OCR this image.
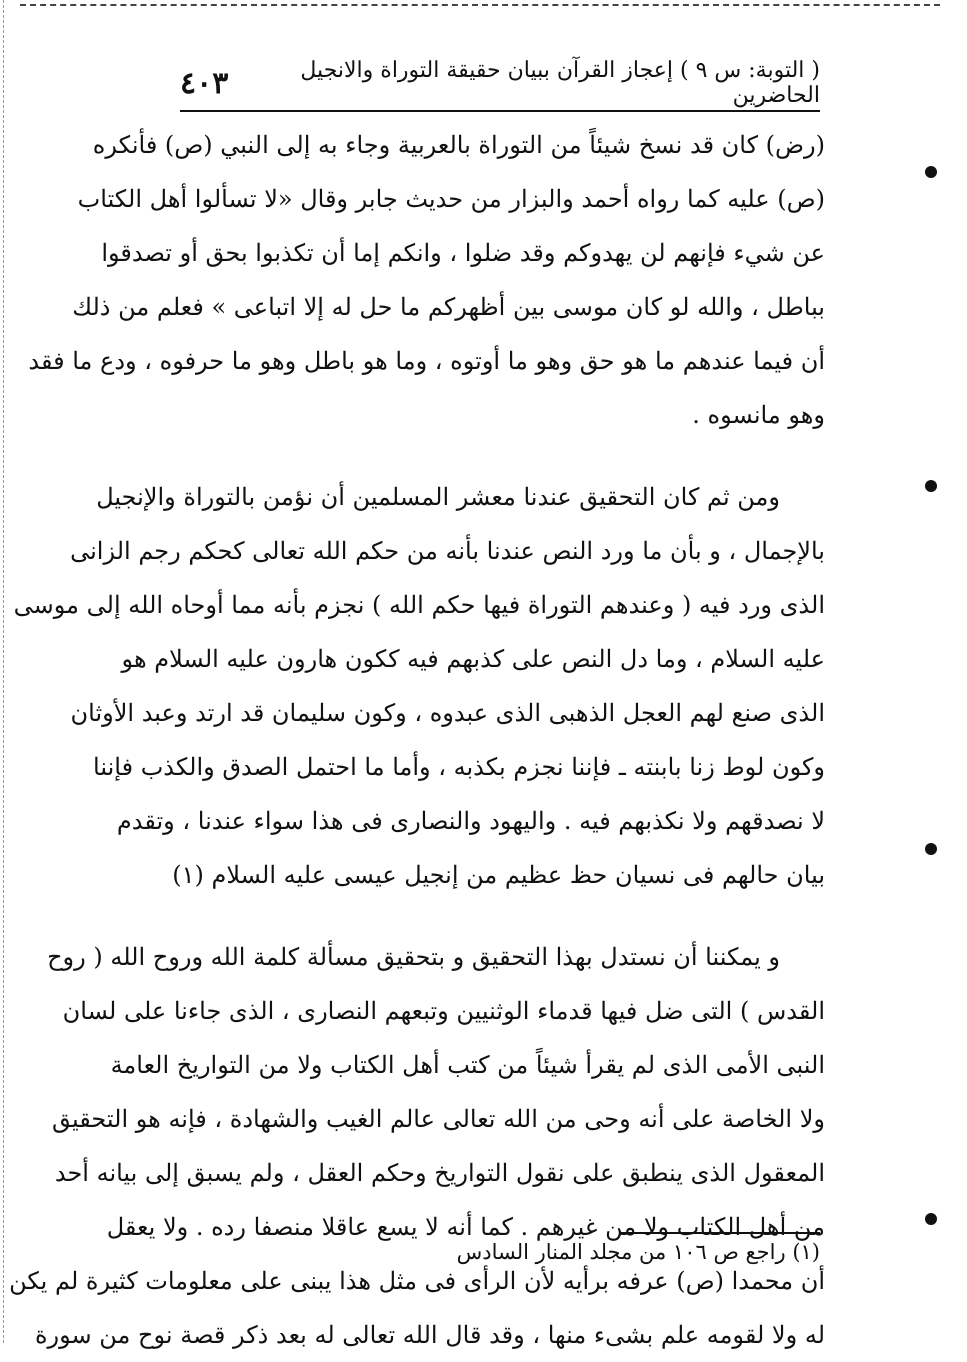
( التوبة: س ٩ ) إعجاز القرآن ببيان حقيقة التوراة والانجيل الحاضرين
٤٠٣
(رض) كان قد نسخ شيئاً من التوراة بالعربية وجاء به إلى النبي (ص) فأنكره
(ص) عليه كما رواه أحمد والبزار من حديث جابر وقال «لا تسألوا أهل الكتاب
عن شيء فإنهم لن يهدوكم وقد ضلوا ، وانكم إما أن تكذبوا بحق أو تصدقوا
بباطل ، والله لو كان موسى بين أظهركم ما حل له إلا اتباعى » فعلم من ذلك
أن فيما عندهم ما هو حق وهو ما أوتوه ، وما هو باطل وهو ما حرفوه ، ودع ما فقد
وهو مانسوه .
ومن ثم كان التحقيق عندنا معشر المسلمين أن نؤمن بالتوراة والإنجيل
بالإجمال ، و بأن ما ورد النص عندنا بأنه من حكم الله تعالى كحكم رجم الزانى
الذى ورد فيه ( وعندهم التوراة فيها حكم الله ) نجزم بأنه مما أوحاه الله إلى موسى
عليه السلام ، وما دل النص على كذبهم فيه ككون هارون عليه السلام هو
الذى صنع لهم العجل الذهبى الذى عبدوه ، وكون سليمان قد ارتد وعبد الأوثان
وكون لوط زنا بابنته ـ فإننا نجزم بكذبه ، وأما ما احتمل الصدق والكذب فإننا
لا نصدقهم ولا نكذبهم فيه . واليهود والنصارى فى هذا سواء عندنا ، وتقدم
بيان حالهم فى نسيان حظ عظيم من إنجيل عيسى عليه السلام (١)
و يمكننا أن نستدل بهذا التحقيق و بتحقيق مسألة كلمة الله وروح الله ( روح
القدس ) التى ضل فيها قدماء الوثنيين وتبعهم النصارى ، الذى جاءنا على لسان
النبى الأمى الذى لم يقرأ شيئاً من كتب أهل الكتاب ولا من التواريخ العامة
ولا الخاصة على أنه وحى من الله تعالى عالم الغيب والشهادة ، فإنه هو التحقيق
المعقول الذى ينطبق على نقول التواريخ وحكم العقل ، ولم يسبق إلى بيانه أحد
من أهل الكتاب ولا من غيرهم . كما أنه لا يسع عاقلا منصفا رده . ولا يعقل
أن محمدا (ص) عرفه برأيه لأن الرأى فى مثل هذا يبنى على معلومات كثيرة لم يكن
له ولا لقومه علم بشىء منها ، وقد قال الله تعالى له بعد ذكر قصة نوح من سورة
(١) راجع ص ١٠٦ من مجلد المنار السادس
